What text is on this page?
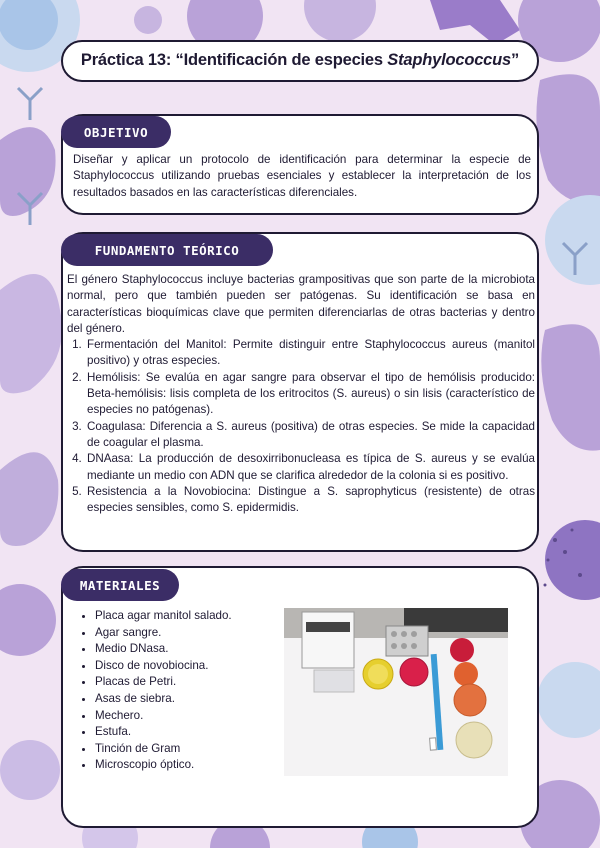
Práctica 13: “Identificación de especies Staphylococcus”
OBJETIVO
Diseñar y aplicar un protocolo de identificación para determinar la especie de Staphylococcus utilizando pruebas esenciales y establecer la interpretación de los resultados basados en las características diferenciales.
FUNDAMENTO TEÓRICO
El género Staphylococcus incluye bacterias grampositivas que son parte de la microbiota normal, pero que también pueden ser patógenas. Su identificación se basa en características bioquímicas clave que permiten diferenciarlas de otras bacterias y dentro del género.
1. Fermentación del Manitol: Permite distinguir entre Staphylococcus aureus (manitol positivo) y otras especies.
2. Hemólisis: Se evalúa en agar sangre para observar el tipo de hemólisis producido: Beta-hemólisis: lisis completa de los eritrocitos (S. aureus) o sin lisis (característico de especies no patógenas).
3. Coagulasa: Diferencia a S. aureus (positiva) de otras especies. Se mide la capacidad de coagular el plasma.
4. DNAasa: La producción de desoxirribonucleasa es típica de S. aureus y se evalúa mediante un medio con ADN que se clarifica alrededor de la colonia si es positivo.
5. Resistencia a la Novobiocina: Distingue a S. saprophyticus (resistente) de otras especies sensibles, como S. epidermidis.
MATERIALES
• Placa agar manitol salado.
• Agar sangre.
• Medio DNasa.
• Disco de novobiocina.
• Placas de Petri.
• Asas de siebra.
• Mechero.
• Estufa.
• Tinción de Gram
• Microscopio óptico.
